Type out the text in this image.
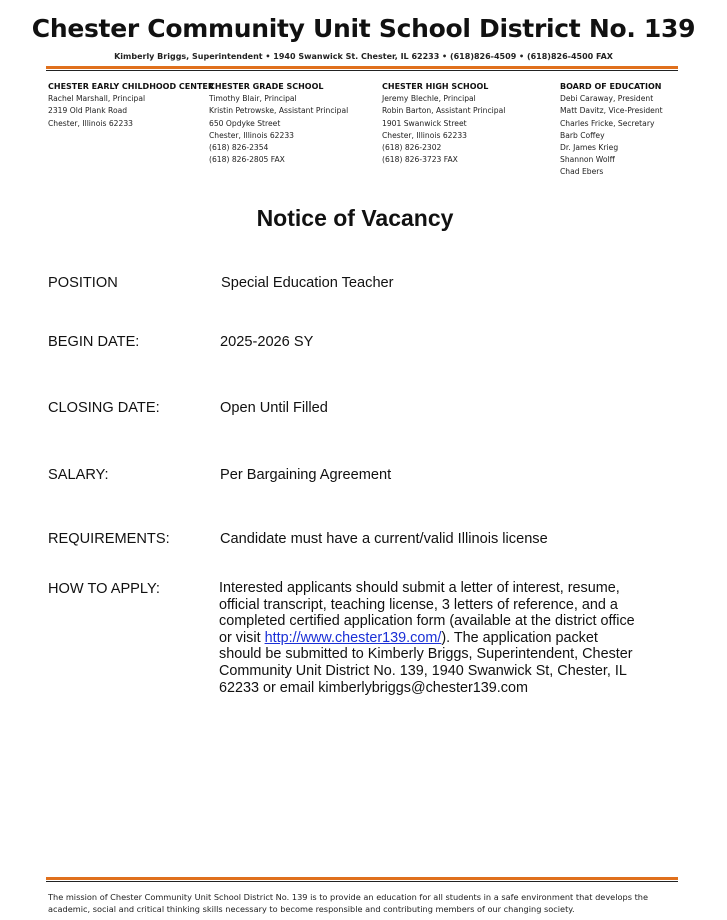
Chester Community Unit School District No. 139
Kimberly Briggs, Superintendent • 1940 Swanwick St. Chester, IL 62233 • (618)826-4509 • (618)826-4500 FAX
CHESTER EARLY CHILDHOOD CENTER
Rachel Marshall, Principal
2319 Old Plank Road
Chester, Illinois 62233
CHESTER GRADE SCHOOL
Timothy Blair, Principal
Kristin Petrowske, Assistant Principal
650 Opdyke Street
Chester, Illinois 62233
(618) 826-2354
(618) 826-2805 FAX
CHESTER HIGH SCHOOL
Jeremy Blechle, Principal
Robin Barton, Assistant Principal
1901 Swanwick Street
Chester, Illinois 62233
(618) 826-2302
(618) 826-3723 FAX
BOARD OF EDUCATION
Debi Caraway, President
Matt Davitz, Vice-President
Charles Fricke, Secretary
Barb Coffey
Dr. James Krieg
Shannon Wolff
Chad Ebers
Notice of Vacancy
POSITION	Special Education Teacher
BEGIN DATE:	2025-2026 SY
CLOSING DATE:	Open Until Filled
SALARY:	Per Bargaining Agreement
REQUIREMENTS:	Candidate must have a current/valid Illinois license
HOW TO APPLY:	Interested applicants should submit a letter of interest, resume, official transcript, teaching license, 3 letters of reference, and a completed certified application form (available at the district office or visit http://www.chester139.com/). The application packet should be submitted to Kimberly Briggs, Superintendent, Chester Community Unit District No. 139, 1940 Swanwick St, Chester, IL 62233 or email kimberlybriggs@chester139.com
The mission of Chester Community Unit School District No. 139 is to provide an education for all students in a safe environment that develops the academic, social and critical thinking skills necessary to become responsible and contributing members of our changing society.
